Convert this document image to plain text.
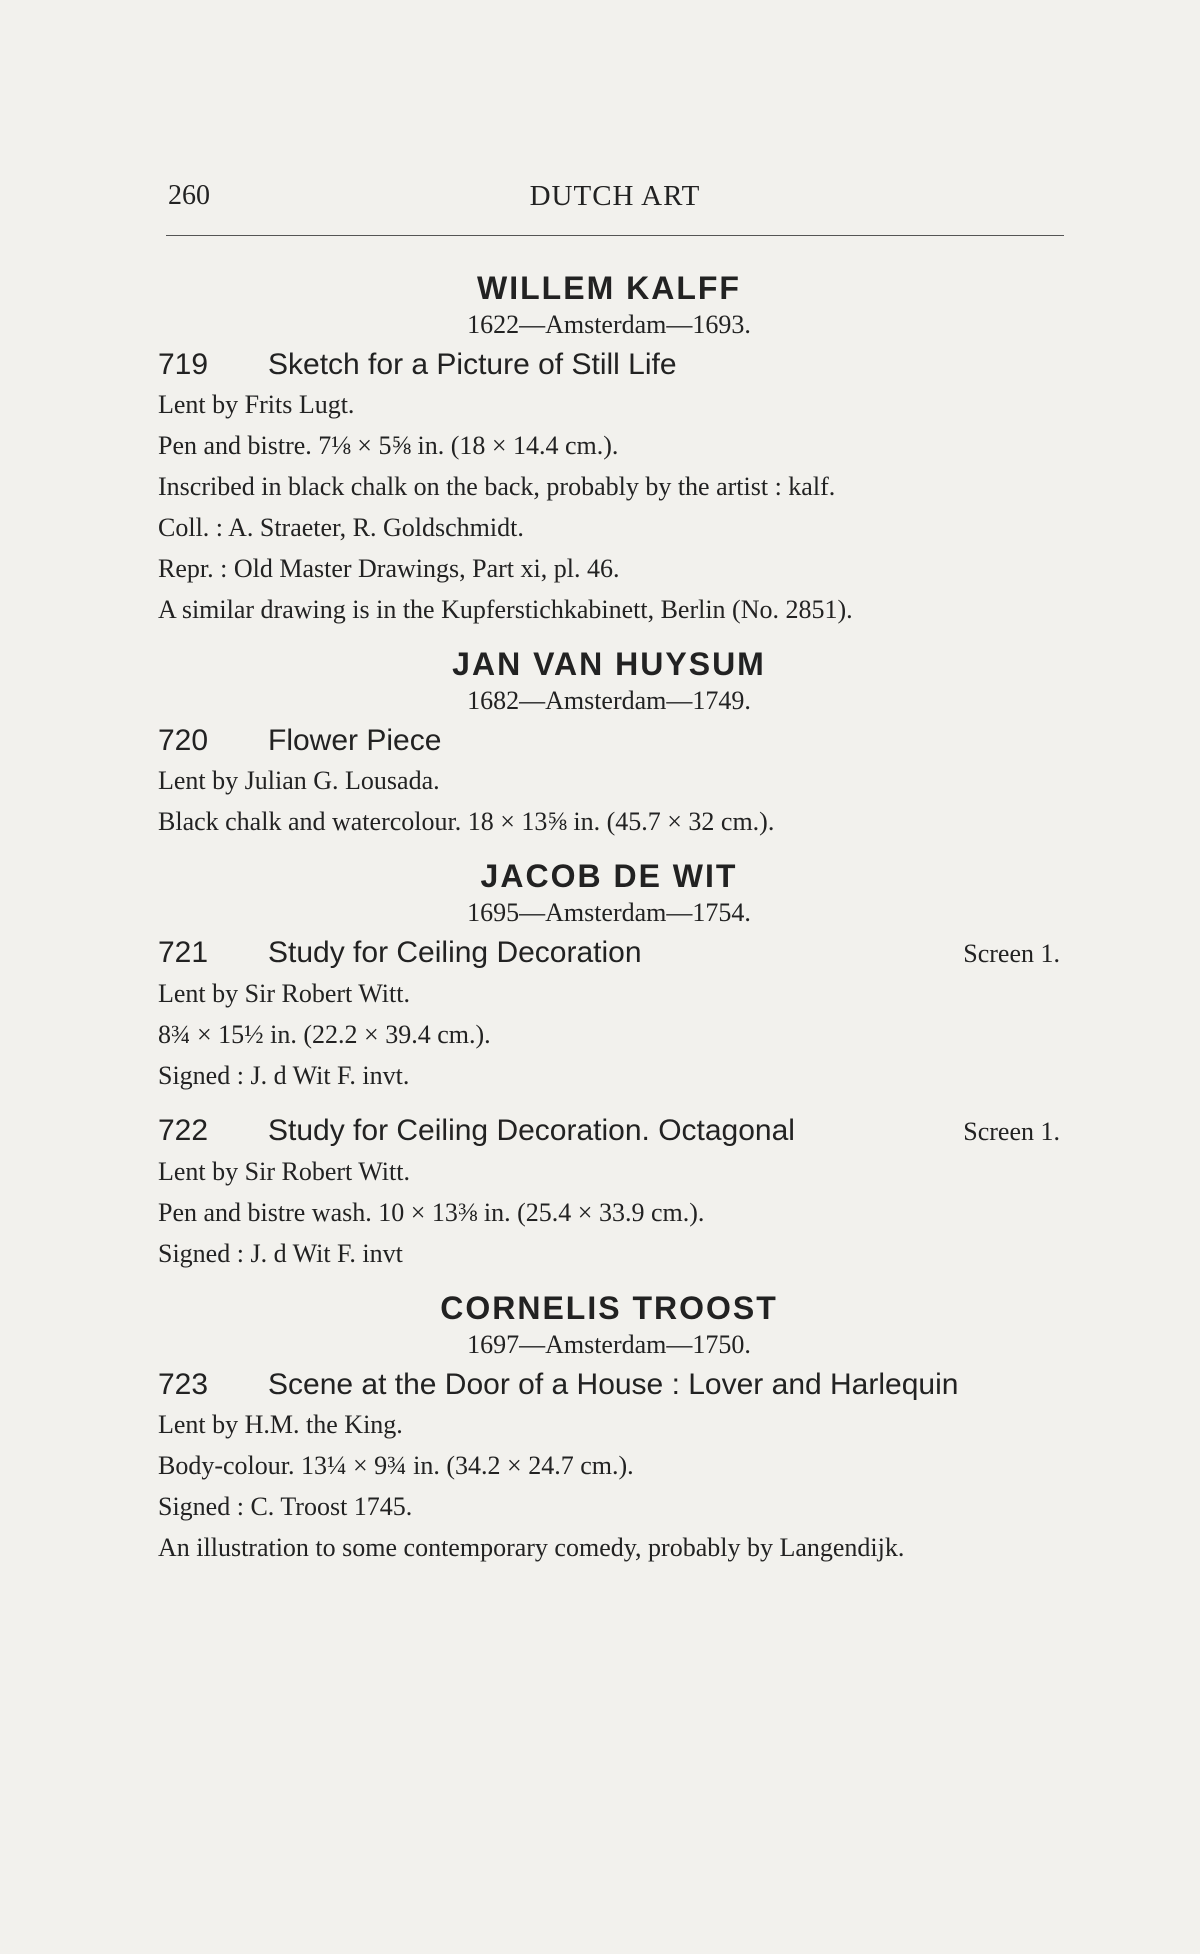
260	DUTCH ART
WILLEM KALFF
1622—Amsterdam—1693.
719	Sketch for a Picture of Still Life
Lent by Frits Lugt.
Pen and bistre. 7⅛ × 5⅝ in. (18 × 14.4 cm.).
Inscribed in black chalk on the back, probably by the artist : kalf.
Coll. : A. Straeter, R. Goldschmidt.
Repr. : Old Master Drawings, Part xi, pl. 46.
A similar drawing is in the Kupferstichkabinett, Berlin (No. 2851).
JAN VAN HUYSUM
1682—Amsterdam—1749.
720	Flower Piece
Lent by Julian G. Lousada.
Black chalk and watercolour. 18 × 13⅝ in. (45.7 × 32 cm.).
JACOB DE WIT
1695—Amsterdam—1754.
721	Study for Ceiling Decoration	Screen 1.
Lent by Sir Robert Witt.
8¾ × 15½ in. (22.2 × 39.4 cm.).
Signed : J. d Wit F. invt.
722	Study for Ceiling Decoration. Octagonal	Screen 1.
Lent by Sir Robert Witt.
Pen and bistre wash. 10 × 13⅜ in. (25.4 × 33.9 cm.).
Signed : J. d Wit F. invt
CORNELIS TROOST
1697—Amsterdam—1750.
723	Scene at the Door of a House : Lover and Harlequin
Lent by H.M. the King.
Body-colour. 13¼ × 9¾ in. (34.2 × 24.7 cm.).
Signed : C. Troost 1745.
An illustration to some contemporary comedy, probably by Langendijk.
